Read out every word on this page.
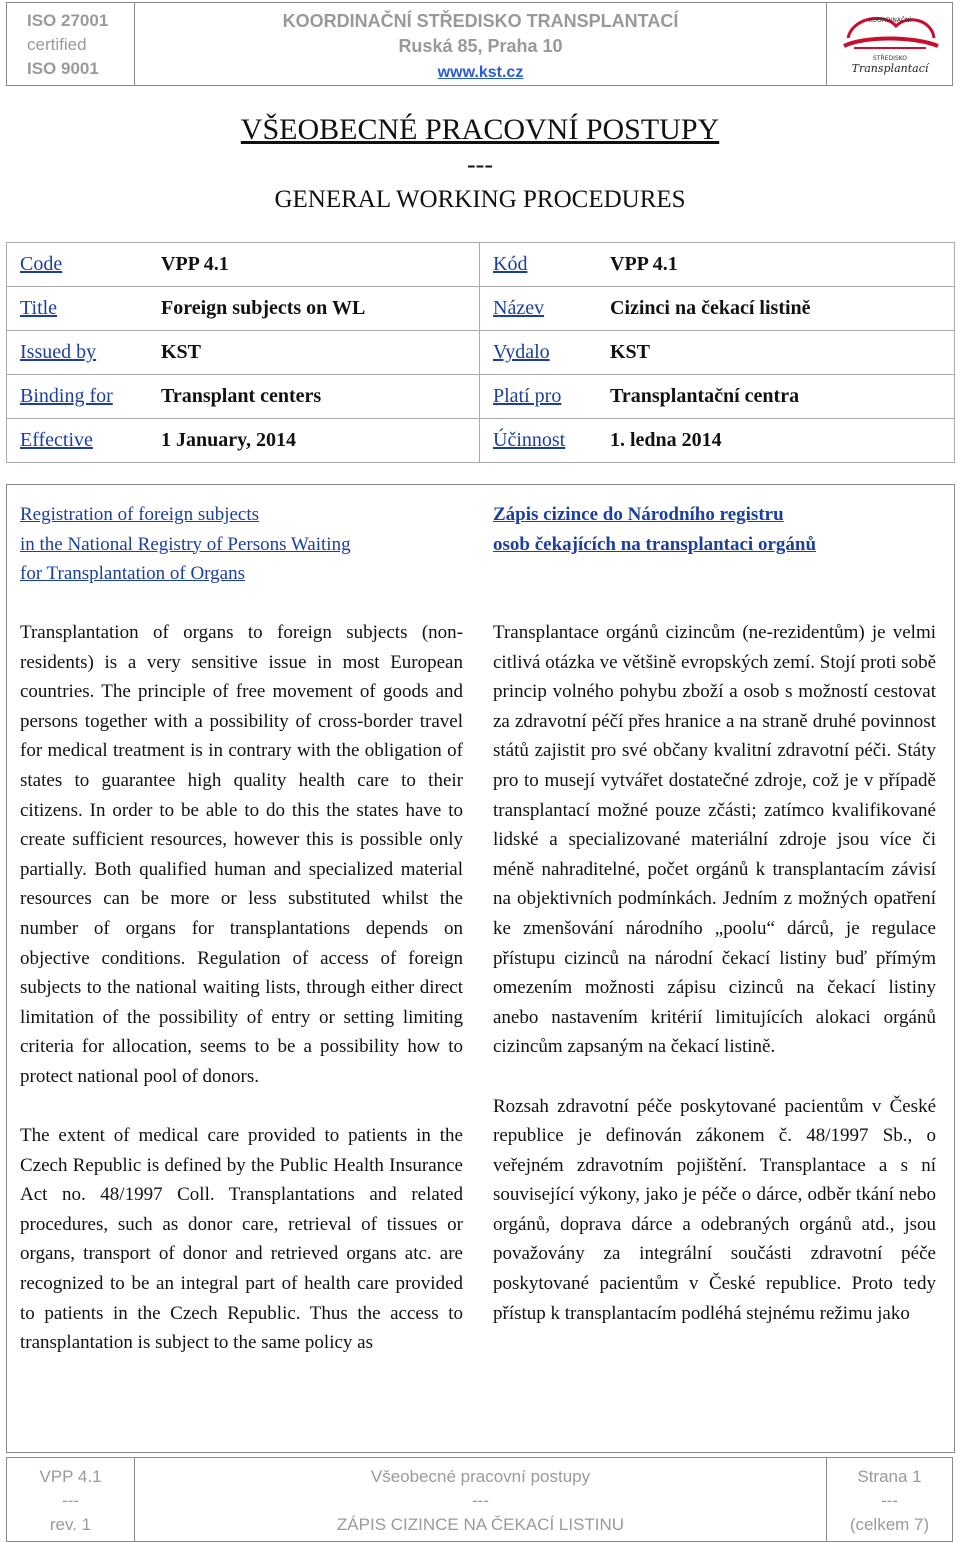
ISO 27001
certified
ISO 9001
KOORDINAČNÍ STŘEDISKO TRANSPLANTACÍ
Ruská 85, Praha 10
www.kst.cz
KOORDINAČNÍ
STŘEDISKO
Transplantací
VŠEOBECNÉ PRACOVNÍ POSTUPY
---
GENERAL WORKING PROCEDURES
Code	VPP 4.1	Kód	VPP 4.1
Title	Foreign subjects on WL	Název	Cizinci na čekací listině
Issued by	KST	Vydalo	KST
Binding for	Transplant centers	Platí pro	Transplantační centra
Effective	1 January, 2014	Účinnost	1. ledna 2014
Registration of foreign subjects
in the National Registry of Persons Waiting
for Transplantation of Organs

Transplantation of organs to foreign subjects (non-residents) is a very sensitive issue in most European countries. The principle of free movement of goods and persons together with a possibility of cross-border travel for medical treatment is in contrary with the obligation of states to guarantee high quality health care to their citizens. In order to be able to do this the states have to create sufficient resources, however this is possible only partially. Both qualified human and specialized material resources can be more or less substituted whilst the number of organs for transplantations depends on objective conditions. Regulation of access of foreign subjects to the national waiting lists, through either direct limitation of the possibility of entry or setting limiting criteria for allocation, seems to be a possibility how to protect national pool of donors.

The extent of medical care provided to patients in the Czech Republic is defined by the Public Health Insurance Act no. 48/1997 Coll. Transplantations and related procedures, such as donor care, retrieval of tissues or organs, transport of donor and retrieved organs atc. are recognized to be an integral part of health care provided to patients in the Czech Republic. Thus the access to transplantation is subject to the same policy as

Zápis cizince do Národního registru
osob čekajících na transplantaci orgánů

Transplantace orgánů cizincům (ne-rezidentům) je velmi citlivá otázka ve většině evropských zemí. Stojí proti sobě princip volného pohybu zboží a osob s možností cestovat za zdravotní péčí přes hranice a na straně druhé povinnost států zajistit pro své občany kvalitní zdravotní péči. Státy pro to musejí vytvářet dostatečné zdroje, což je v případě transplantací možné pouze zčásti; zatímco kvalifikované lidské a specializované materiální zdroje jsou více či méně nahraditelné, počet orgánů k transplantacím závisí na objektivních podmínkách. Jedním z možných opatření ke zmenšování národního „poolu“ dárců, je regulace přístupu cizinců na národní čekací listiny buď přímým omezením možnosti zápisu cizinců na čekací listiny anebo nastavením kritérií limitujících alokaci orgánů cizincům zapsaným na čekací listině.

Rozsah zdravotní péče poskytované pacientům v České republice je definován zákonem č. 48/1997 Sb., o veřejném zdravotním pojištění. Transplantace a s ní související výkony, jako je péče o dárce, odběr tkání nebo orgánů, doprava dárce a odebraných orgánů atd., jsou považovány za integrální součásti zdravotní péče poskytované pacientům v České republice. Proto tedy přístup k transplantacím podléhá stejnému režimu jako

VPP 4.1
---
rev. 1
Všeobecné pracovní postupy
---
ZÁPIS CIZINCE NA ČEKACÍ LISTINU
Strana 1
---
(celkem 7)
